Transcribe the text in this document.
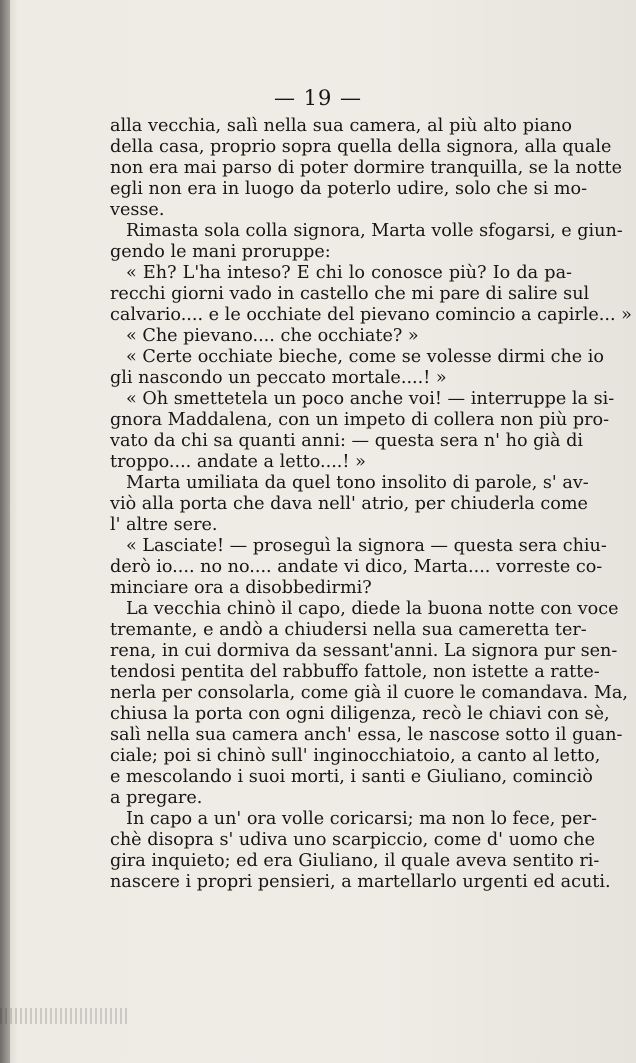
— 19 —
alla vecchia, salì nella sua camera, al più alto piano
della casa, proprio sopra quella della signora, alla quale
non era mai parso di poter dormire tranquilla, se la notte
egli non era in luogo da poterlo udire, solo che si mo-
vesse.
Rimasta sola colla signora, Marta volle sfogarsi, e giun-
gendo le mani proruppe:
« Eh? L'ha inteso? E chi lo conosce più? Io da pa-
recchi giorni vado in castello che mi pare di salire sul
calvario.... e le occhiate del pievano comincio a capirle... »
« Che pievano.... che occhiate? »
« Certe occhiate bieche, come se volesse dirmi che io
gli nascondo un peccato mortale....! »
« Oh smettetela un poco anche voi! — interruppe la si-
gnora Maddalena, con un impeto di collera non più pro-
vato da chi sa quanti anni: — questa sera n' ho già di
troppo.... andate a letto....! »
Marta umiliata da quel tono insolito di parole, s' av-
viò alla porta che dava nell' atrio, per chiuderla come
l' altre sere.
« Lasciate! — proseguì la signora — questa sera chiu-
derò io.... no no.... andate vi dico, Marta.... vorreste co-
minciare ora a disobbedirmi?
La vecchia chinò il capo, diede la buona notte con voce
tremante, e andò a chiudersi nella sua cameretta ter-
rena, in cui dormiva da sessant'anni. La signora pur sen-
tendosi pentita del rabbuffo fattole, non istette a ratte-
nerla per consolarla, come già il cuore le comandava. Ma,
chiusa la porta con ogni diligenza, recò le chiavi con sè,
salì nella sua camera anch' essa, le nascose sotto il guan-
ciale; poi si chinò sull' inginocchiatoio, a canto al letto,
e mescolando i suoi morti, i santi e Giuliano, cominciò
a pregare.
In capo a un' ora volle coricarsi; ma non lo fece, per-
chè disopra s' udiva uno scarpiccio, come d' uomo che
gira inquieto; ed era Giuliano, il quale aveva sentito ri-
nascere i propri pensieri, a martellarlo urgenti ed acuti.
